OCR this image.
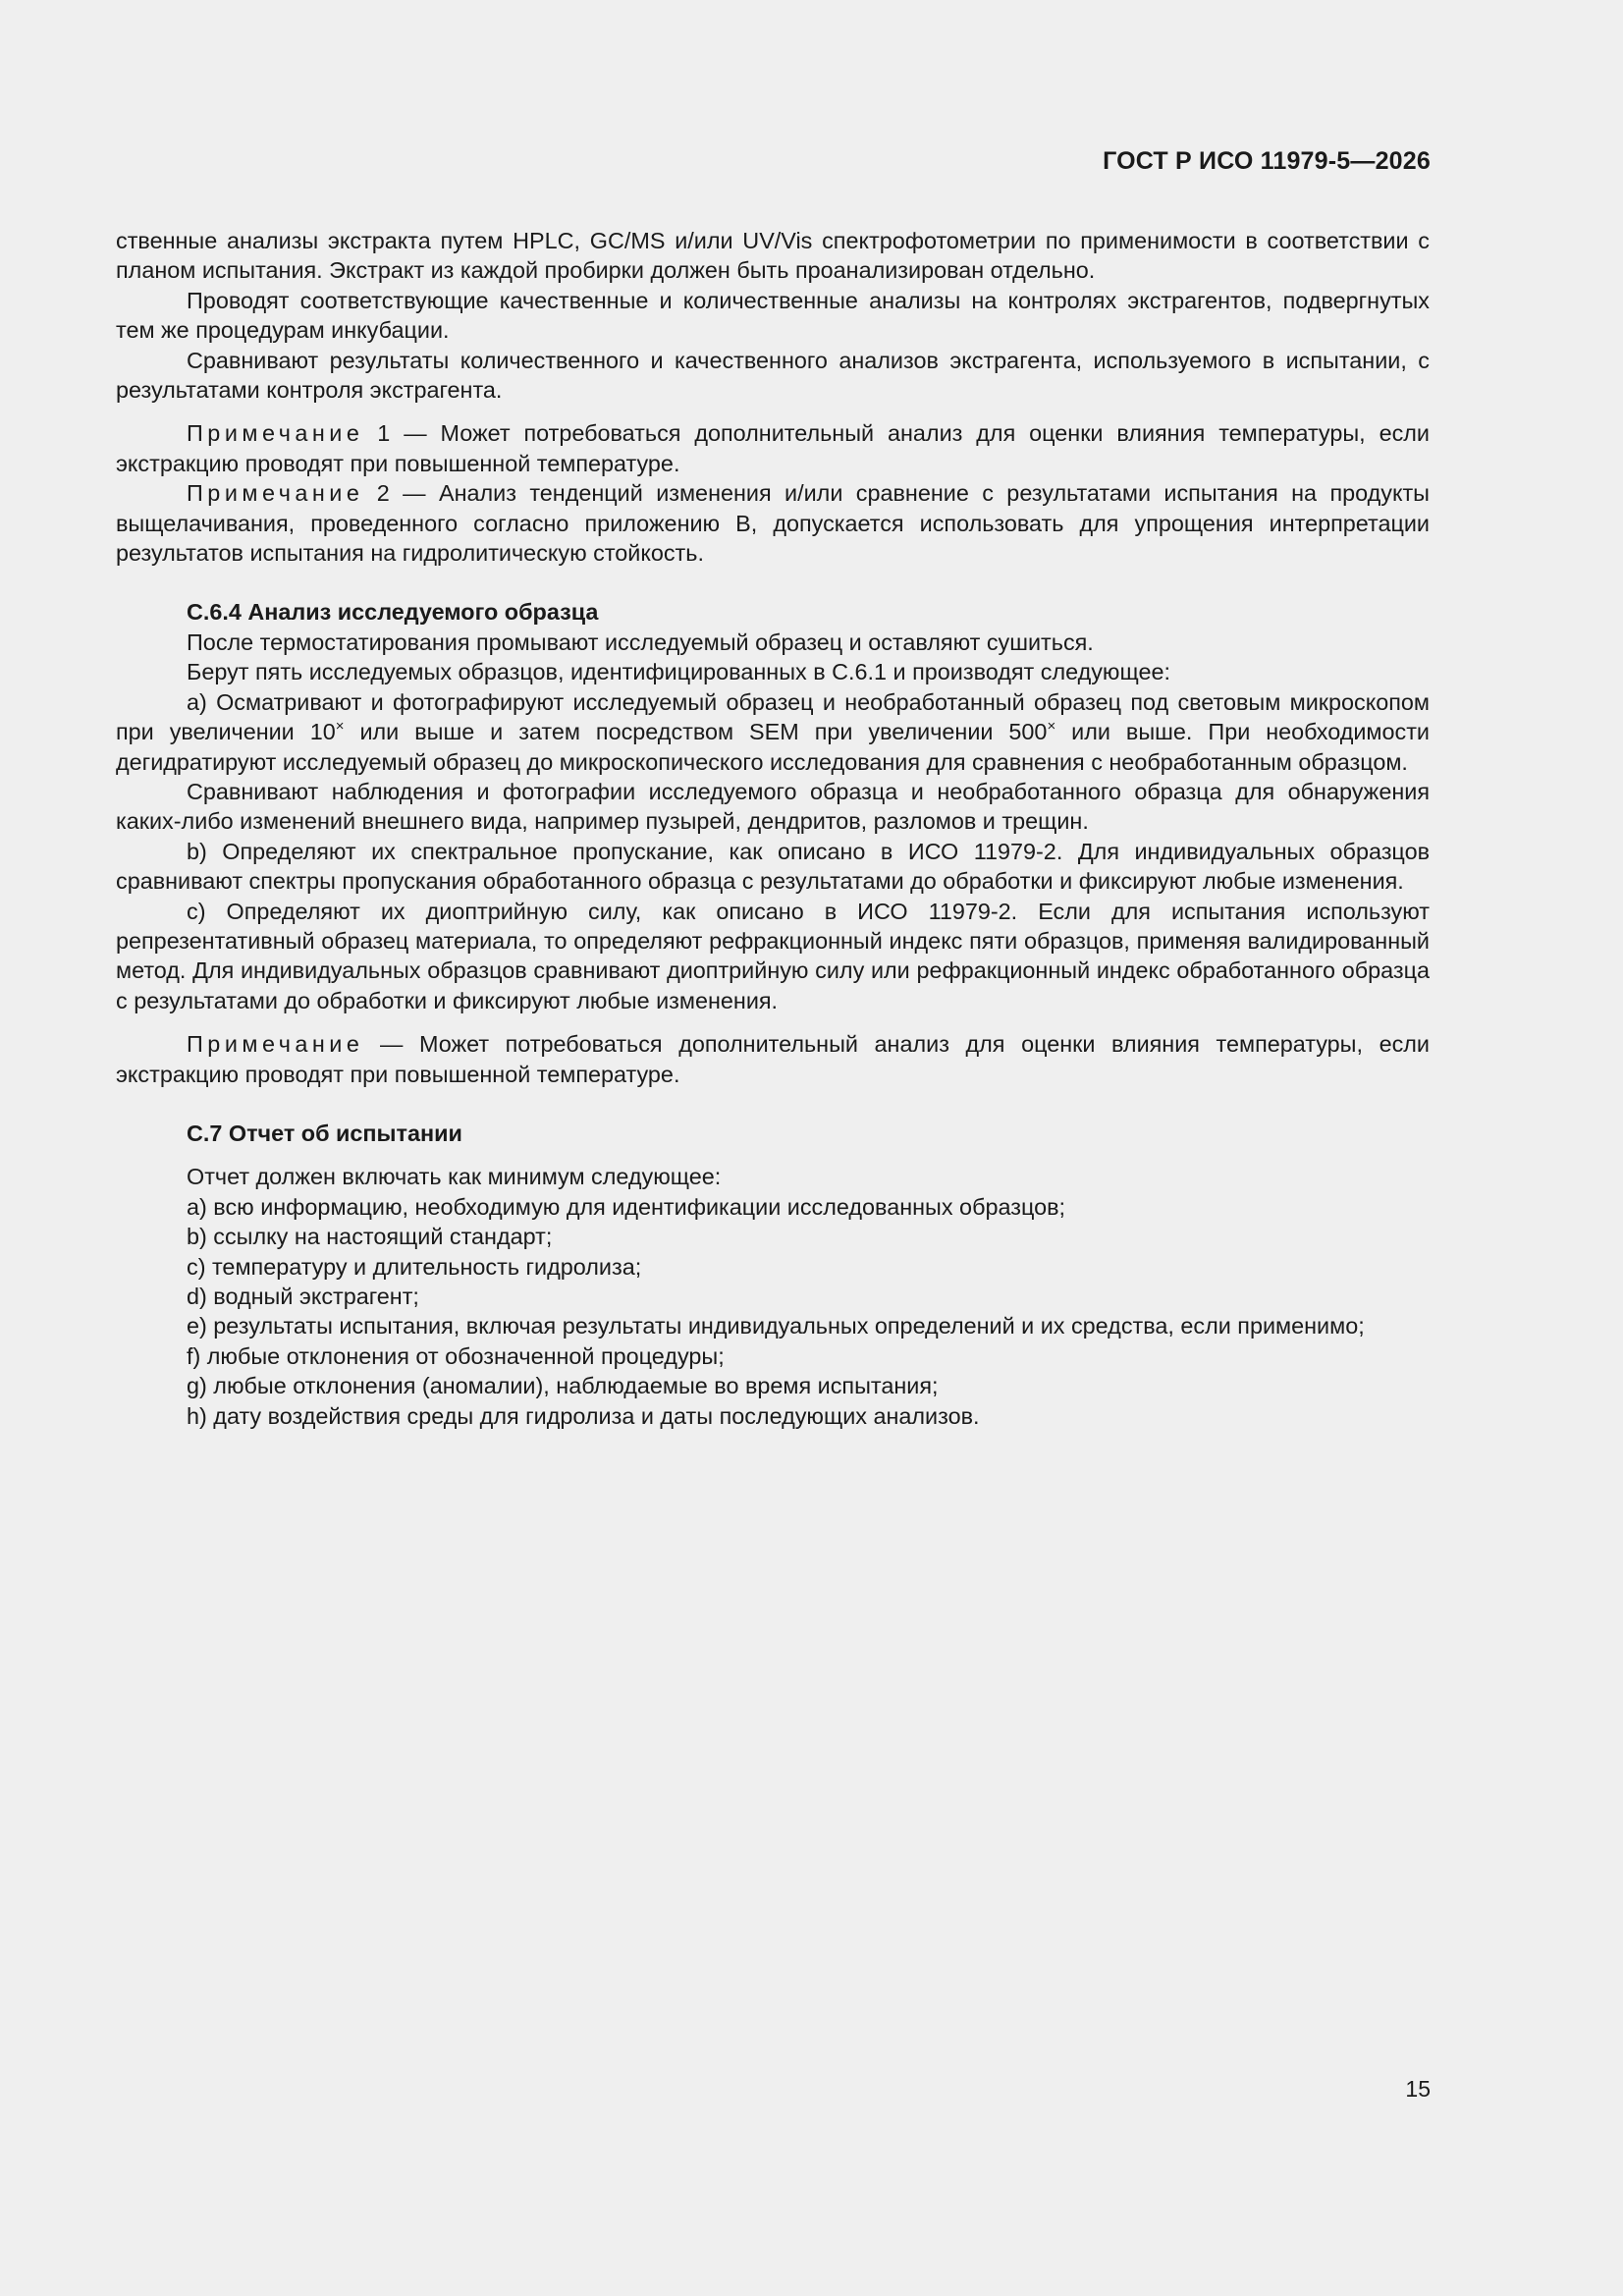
ГОСТ Р ИСО 11979-5—2026

ственные анализы экстракта путем HPLC, GC/MS и/или UV/Vis спектрофотометрии по применимости в соответствии с планом испытания. Экстракт из каждой пробирки должен быть проанализирован отдельно.

Проводят соответствующие качественные и количественные анализы на контролях экстрагентов, подвергнутых тем же процедурам инкубации.

Сравнивают результаты количественного и качественного анализов экстрагента, используемого в испытании, с результатами контроля экстрагента.

Примечание 1 — Может потребоваться дополнительный анализ для оценки влияния температуры, если экстракцию проводят при повышенной температуре.

Примечание 2 — Анализ тенденций изменения и/или сравнение с результатами испытания на продукты выщелачивания, проведенного согласно приложению В, допускается использовать для упрощения интерпретации результатов испытания на гидролитическую стойкость.

С.6.4 Анализ исследуемого образца

После термостатирования промывают исследуемый образец и оставляют сушиться.

Берут пять исследуемых образцов, идентифицированных в С.6.1 и производят следующее:

a) Осматривают и фотографируют исследуемый образец и необработанный образец под световым микроскопом при увеличении 10× или выше и затем посредством SEM при увеличении 500× или выше. При необходимости дегидратируют исследуемый образец до микроскопического исследования для сравнения с необработанным образцом.

Сравнивают наблюдения и фотографии исследуемого образца и необработанного образца для обнаружения каких-либо изменений внешнего вида, например пузырей, дендритов, разломов и трещин.

b) Определяют их спектральное пропускание, как описано в ИСО 11979-2. Для индивидуальных образцов сравнивают спектры пропускания обработанного образца с результатами до обработки и фиксируют любые изменения.

c) Определяют их диоптрийную силу, как описано в ИСО 11979-2. Если для испытания используют репрезентативный образец материала, то определяют рефракционный индекс пяти образцов, применяя валидированный метод. Для индивидуальных образцов сравнивают диоптрийную силу или рефракционный индекс обработанного образца с результатами до обработки и фиксируют любые изменения.

Примечание — Может потребоваться дополнительный анализ для оценки влияния температуры, если экстракцию проводят при повышенной температуре.

С.7 Отчет об испытании

Отчет должен включать как минимум следующее:

a) всю информацию, необходимую для идентификации исследованных образцов;

b) ссылку на настоящий стандарт;

c) температуру и длительность гидролиза;

d) водный экстрагент;

e) результаты испытания, включая результаты индивидуальных определений и их средства, если применимо;

f) любые отклонения от обозначенной процедуры;

g) любые отклонения (аномалии), наблюдаемые во время испытания;

h) дату воздействия среды для гидролиза и даты последующих анализов.

15
